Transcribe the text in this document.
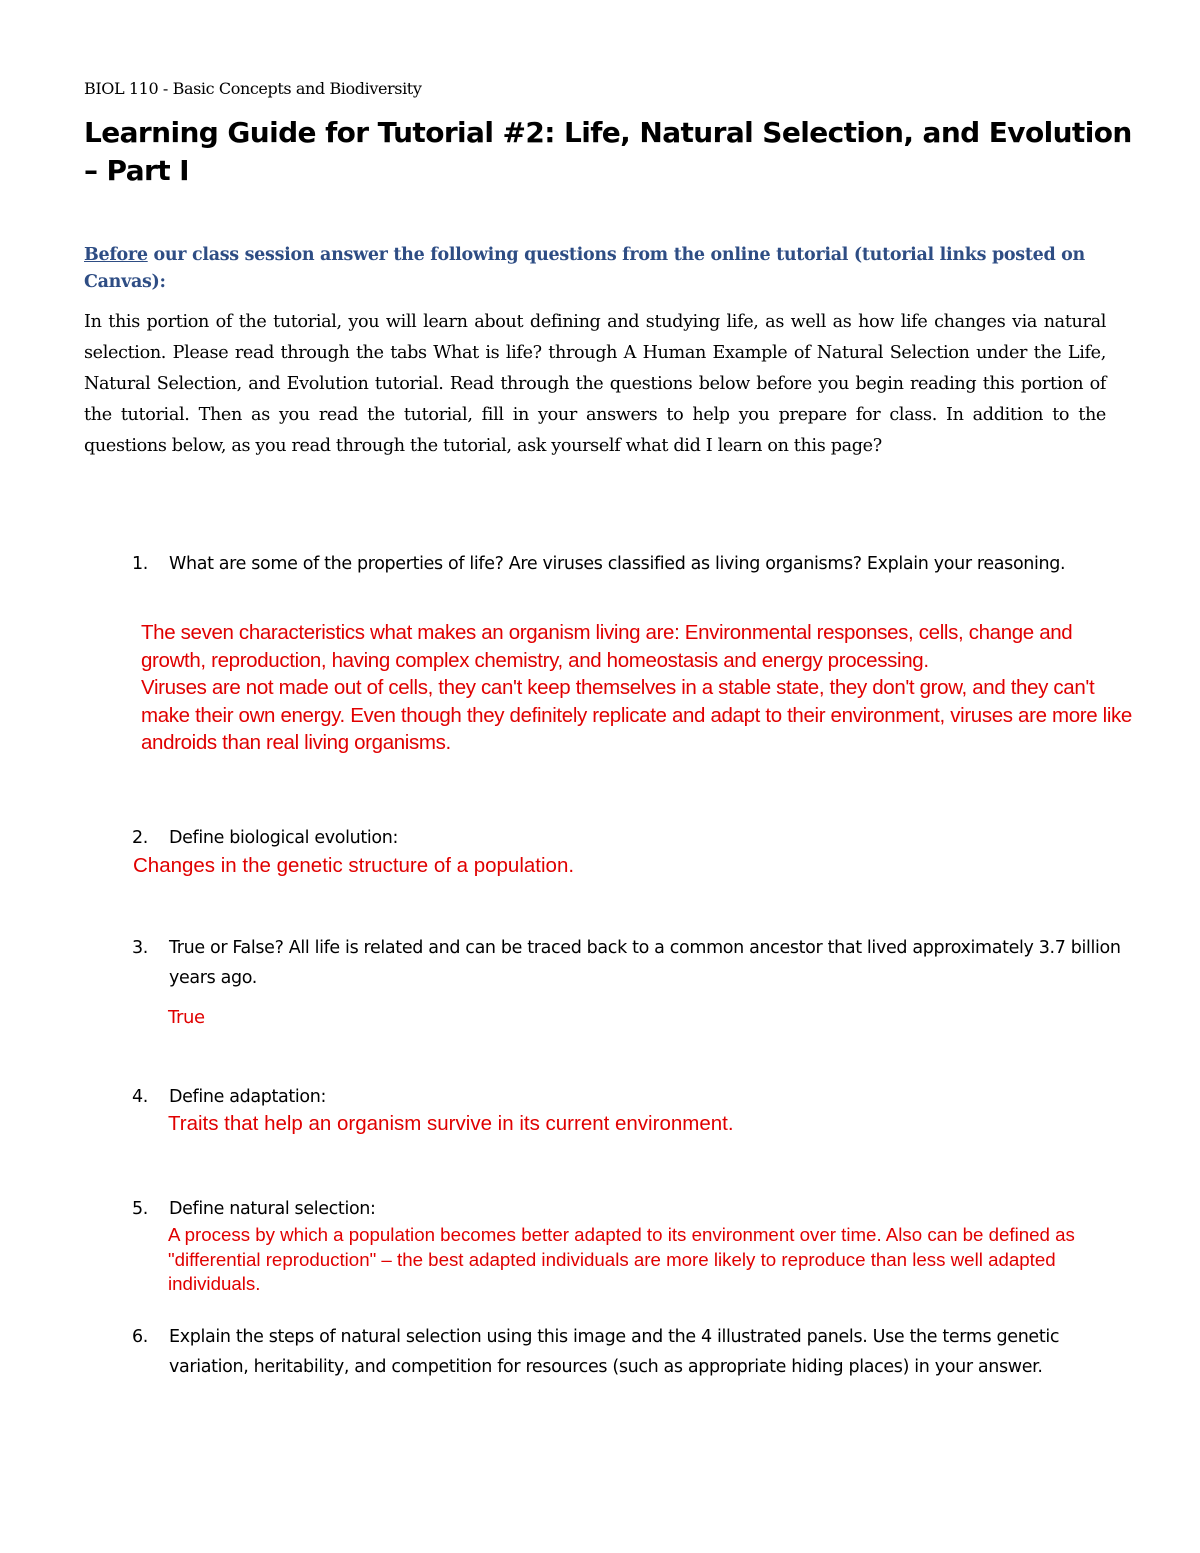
BIOL 110 - Basic Concepts and Biodiversity
Learning Guide for Tutorial #2: Life, Natural Selection, and Evolution – Part I
Before our class session answer the following questions from the online tutorial (tutorial links posted on Canvas):
In this portion of the tutorial, you will learn about defining and studying life, as well as how life changes via natural selection. Please read through the tabs What is life? through A Human Example of Natural Selection under the Life, Natural Selection, and Evolution tutorial. Read through the questions below before you begin reading this portion of the tutorial. Then as you read the tutorial, fill in your answers to help you prepare for class. In addition to the questions below, as you read through the tutorial, ask yourself what did I learn on this page?
1. What are some of the properties of life? Are viruses classified as living organisms? Explain your reasoning.
The seven characteristics what makes an organism living are: Environmental responses, cells, change and growth, reproduction, having complex chemistry, and homeostasis and energy processing.
Viruses are not made out of cells, they can't keep themselves in a stable state, they don't grow, and they can't make their own energy. Even though they definitely replicate and adapt to their environment, viruses are more like androids than real living organisms.
2. Define biological evolution:
Changes in the genetic structure of a population.
3. True or False? All life is related and can be traced back to a common ancestor that lived approximately 3.7 billion years ago.
True
4. Define adaptation:
Traits that help an organism survive in its current environment.
5. Define natural selection:
A process by which a population becomes better adapted to its environment over time. Also can be defined as "differential reproduction" – the best adapted individuals are more likely to reproduce than less well adapted individuals.
6. Explain the steps of natural selection using this image and the 4 illustrated panels. Use the terms genetic variation, heritability, and competition for resources (such as appropriate hiding places) in your answer.
